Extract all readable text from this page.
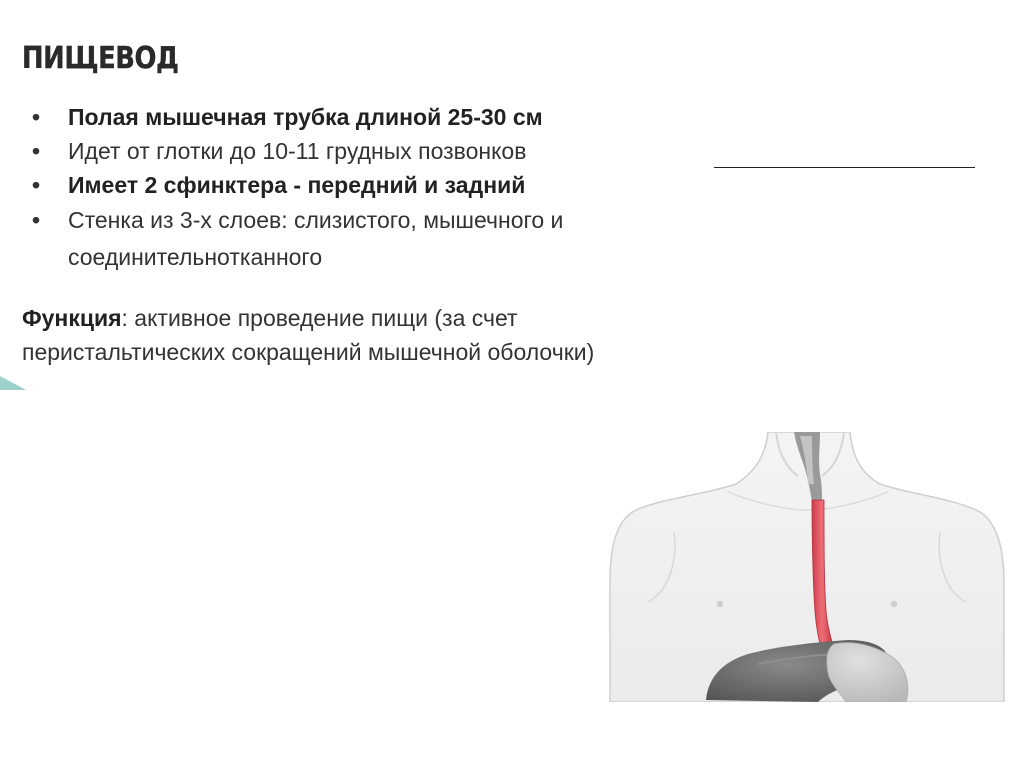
ПИЩЕВОД
• Полая мышечная трубка длиной 25-30 см
• Идет от глотки до 10-11 грудных позвонков
• Имеет 2 сфинктера - передний и задний
• Стенка из 3-х слоев: слизистого, мышечного и соединительнотканного

Функция: активное проведение пищи (за счет перистальтических сокращений мышечной оболочки)
